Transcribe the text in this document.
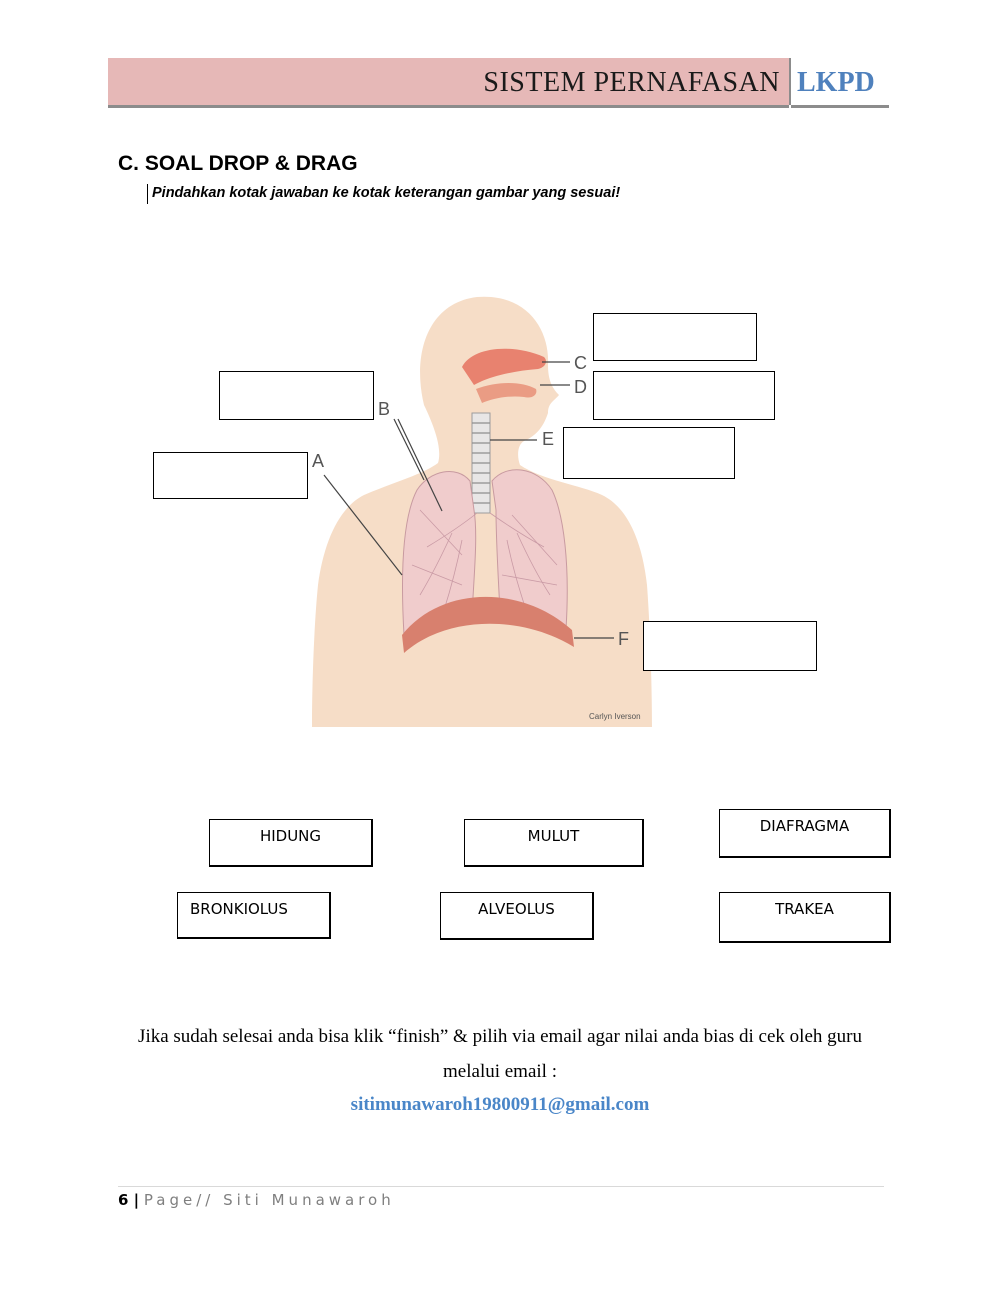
SISTEM PERNAFASAN LKPD
C. SOAL DROP & DRAG
Pindahkan kotak jawaban ke kotak keterangan gambar yang sesuai!
A
B
C
D
E
F
Carlyn Iverson
HIDUNG	MULUT
DIAFRAGMA
BRONKIOLUS	ALVEOLUS	TRAKEA
Jika sudah selesai anda bisa klik “finish” & pilih via email agar nilai anda bias di cek oleh guru
melalui email :
sitimunawaroh19800911@gmail.com
6 | Page// Siti Munawaroh
